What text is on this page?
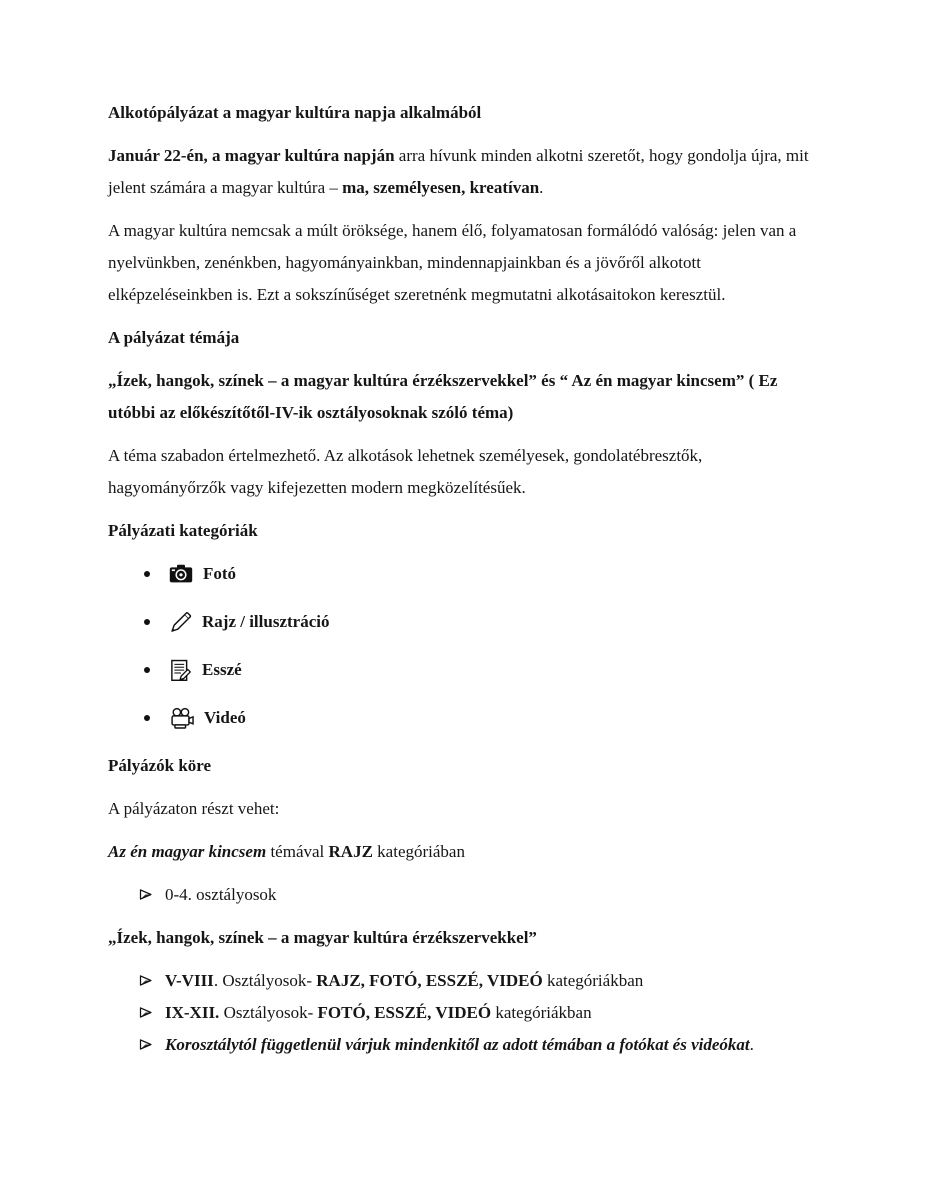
Alkotópályázat a magyar kultúra napja alkalmából

Január 22-én, a magyar kultúra napján arra hívunk minden alkotni szeretőt, hogy gondolja újra, mit jelent számára a magyar kultúra – ma, személyesen, kreatívan.

A magyar kultúra nemcsak a múlt öröksége, hanem élő, folyamatosan formálódó valóság: jelen van a nyelvünkben, zenénkben, hagyományainkban, mindennapjainkban és a jövőről alkotott elképzeléseinkben is. Ezt a sokszínűséget szeretnénk megmutatni alkotásaitokon keresztül.

A pályázat témája

„Ízek, hangok, színek – a magyar kultúra érzékszervekkel” és “ Az én magyar kincsem” ( Ez utóbbi az előkészítőtől-IV-ik osztályosoknak szóló téma)

A téma szabadon értelmezhető. Az alkotások lehetnek személyesek, gondolatébresztők, hagyományőrzők vagy kifejezetten modern megközelítésűek.

Pályázati kategóriák
Fotó
Rajz / illusztráció
Esszé
Videó
Pályázók köre

A pályázaton részt vehet:

Az én magyar kincsem témával RAJZ kategóriában

0-4. osztályosok
„Ízek, hangok, színek – a magyar kultúra érzékszervekkel”
V-VIII. Osztályosok- RAJZ, FOTÓ, ESSZÉ, VIDEÓ kategóriákban
IX-XII. Osztályosok- FOTÓ, ESSZÉ, VIDEÓ kategóriákban
Korosztálytól függetlenül várjuk mindenkitől az adott témában a fotókat és videókat.
